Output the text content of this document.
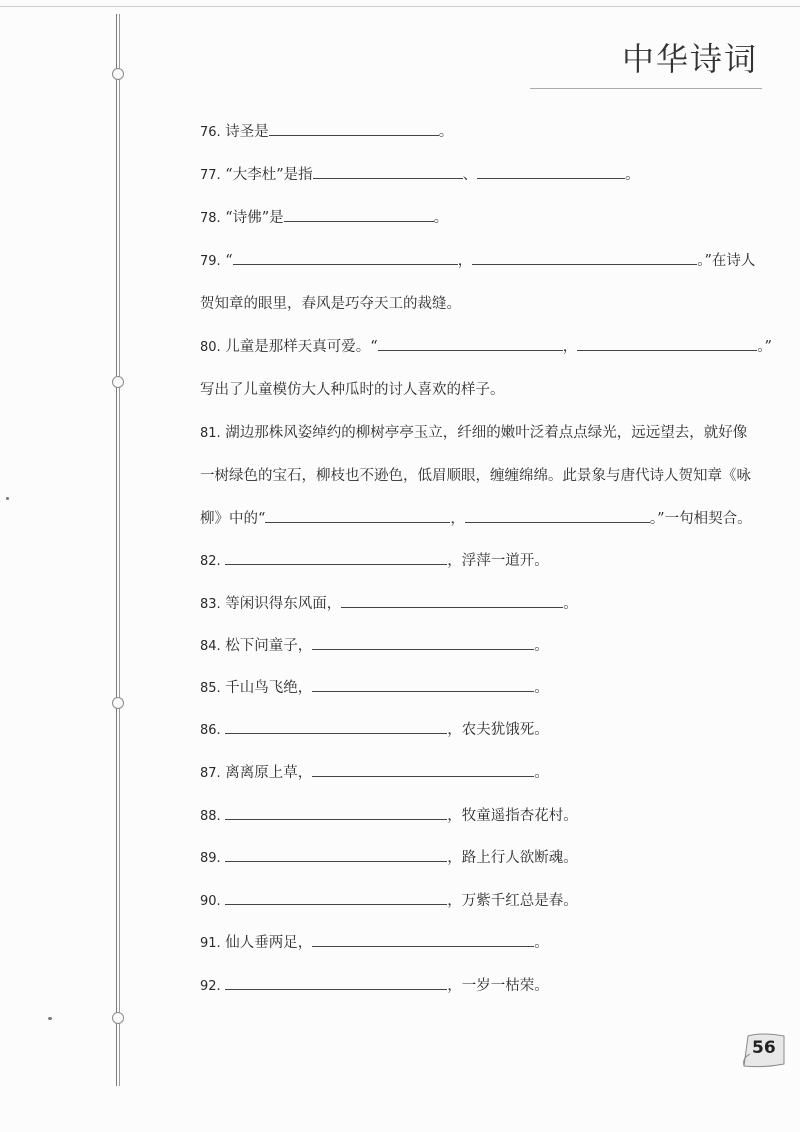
中华诗词
76. 诗圣是	。
77. “大李杜”是指	、	。
78. “诗佛”是	。
79. “	，	。”在诗人
贺知章的眼里，春风是巧夺天工的裁缝。
80. 儿童是那样天真可爱。“	，	。”
写出了儿童模仿大人种瓜时的讨人喜欢的样子。
81. 湖边那株风姿绰约的柳树亭亭玉立，纤细的嫩叶泛着点点绿光，远远望去，就好像
一树绿色的宝石，柳枝也不逊色，低眉顺眼，缠缠绵绵。此景象与唐代诗人贺知章《咏
柳》中的“	，	。”一句相契合。
82.	，浮萍一道开。
83. 等闲识得东风面，	。
84. 松下问童子，	。
85. 千山鸟飞绝，	。
86.	，农夫犹饿死。
87. 离离原上草，	。
88.	，牧童遥指杏花村。
89.	，路上行人欲断魂。
90.	，万紫千红总是春。
91. 仙人垂两足，	。
92.	，一岁一枯荣。
56
